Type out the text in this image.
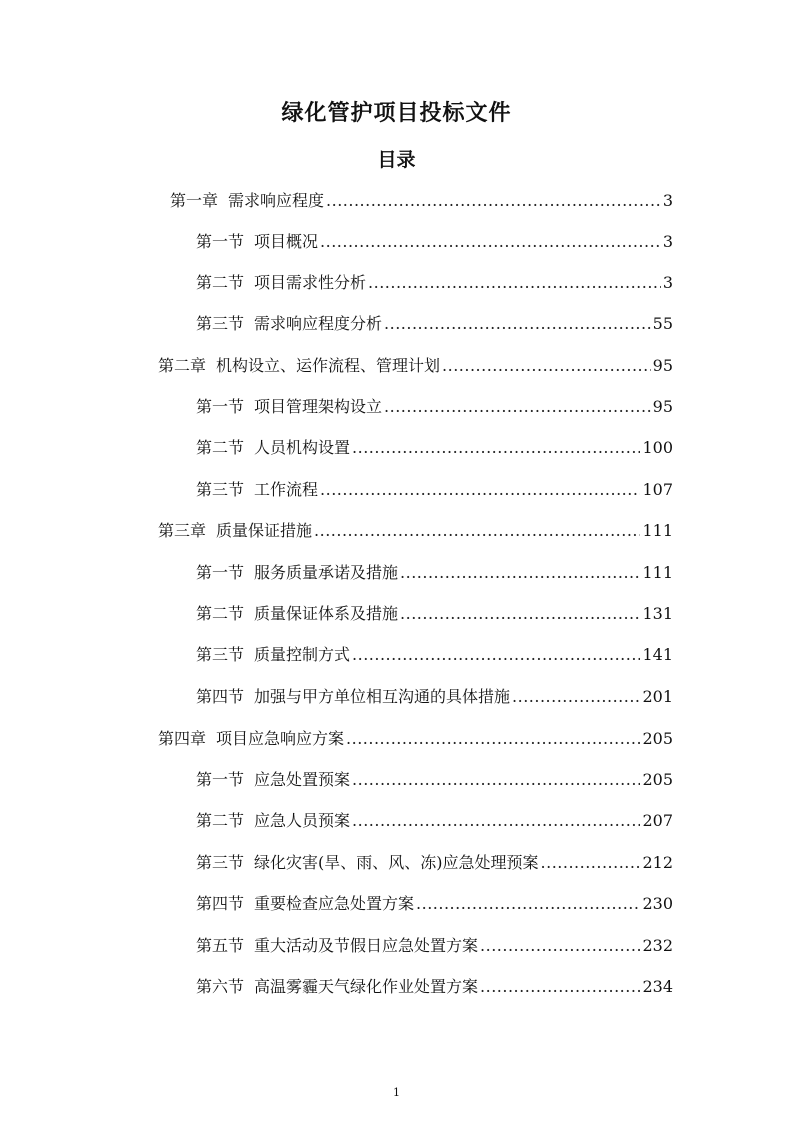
绿化管护项目投标文件
目录
第一章 需求响应程度 .....	3
第一节 项目概况 .....	3
第二节 项目需求性分析 .....	3
第三节 需求响应程度分析 .....	55
第二章 机构设立、运作流程、管理计划 .....	95
第一节 项目管理架构设立 .....	95
第二节 人员机构设置 .....	100
第三节 工作流程 .....	107
第三章 质量保证措施 .....	111
第一节 服务质量承诺及措施 .....	111
第二节 质量保证体系及措施 .....	131
第三节 质量控制方式 .....	141
第四节 加强与甲方单位相互沟通的具体措施 .....	201
第四章 项目应急响应方案 .....	205
第一节 应急处置预案 .....	205
第二节 应急人员预案 .....	207
第三节 绿化灾害(旱、雨、风、冻)应急处理预案 .....	212
第四节 重要检查应急处置方案 .....	230
第五节 重大活动及节假日应急处置方案 .....	232
第六节 高温雾霾天气绿化作业处置方案 .....	234
1
